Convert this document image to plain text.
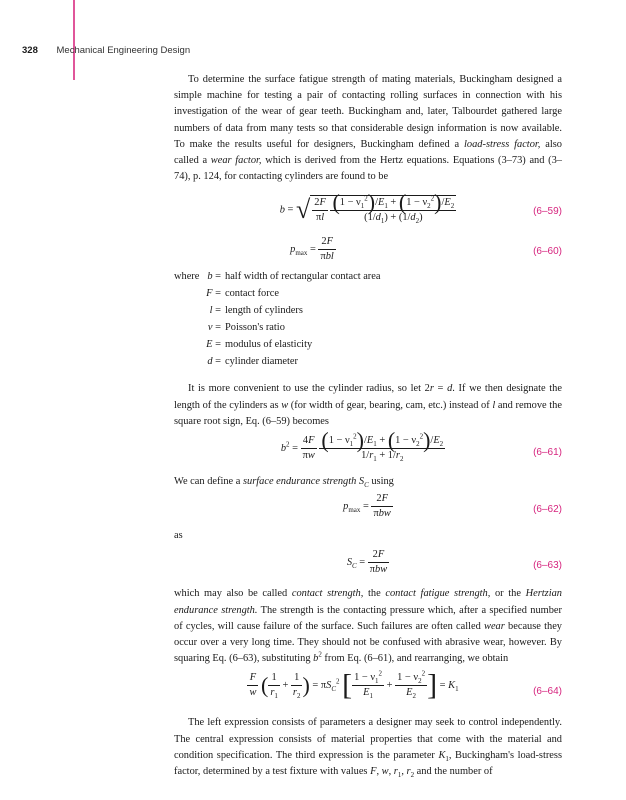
328 Mechanical Engineering Design

To determine the surface fatigue strength of mating materials, Buckingham designed a simple machine for testing a pair of contacting rolling surfaces in connection with his investigation of the wear of gear teeth. Buckingham and, later, Talbourdet gathered large numbers of data from many tests so that considerable design information is now available. To make the results useful for designers, Buckingham defined a load-stress factor, also called a wear factor, which is derived from the Hertz equations. Equations (3–73) and (3–74), p. 124, for contacting cylinders are found to be

b = √ $\frac{2F}{\pi l}$
$\frac{(1 - \nu_1^2)/E_1 + (1 - \nu_2^2)/E_2}{(1/d_1) + (1/d_2)}$	(6–59)
$p_{max} = \frac{2F}{\text{πbl}}$	(6–60)
where b = half width of rectangular contact area
F = contact force
l = length of cylinders
ν = Poisson's ratio
E = modulus of elasticity
d = cylinder diameter

It is more convenient to use the cylinder radius, so let 2r = d. If we then designate the length of the cylinders as w (for width of gear, bearing, cam, etc.) instead of l and remove the square root sign, Eq. (6–59) becomes

$b^2 = \frac{4F}{\pi w}$
$\frac{(1 - \nu_1^2)/E_1 + (1 - \nu_2^2)/E_2}{1/r_1 + 1/r_2}$	(6–61)

We can define a surface endurance strength $S_C$ using

$p_{max} = \frac{2F}{\text{πbw}}$	(6–62)

as

$S_C = \frac{2F}{\text{πbw}}$	(6–63)

which may also be called contact strength, the contact fatigue strength, or the Hertzian endurance strength. The strength is the contacting pressure which, after a specified number of cycles, will cause failure of the surface. Such failures are often called wear because they occur over a very long time. They should not be confused with abrasive wear, however. By squaring Eq. (6–63), substituting $b^2$ from Eq. (6–61), and rearranging, we obtain

$\frac{F}{w}$ ( $\frac{1}{r_1} + \frac{1}{r_2}$ ) = $\pi S_C^2$ [ $\frac{1 - \nu_1^2}{E_1} + \frac{1 - \nu_2^2}{E_2}$ ] = $K_1$	(6–64)

The left expression consists of parameters a designer may seek to control independently. The central expression consists of material properties that come with the material and condition specification. The third expression is the parameter $K_1$, Buckingham's load-stress factor, determined by a test fixture with values F, w, $r_1$, $r_2$ and the number of
